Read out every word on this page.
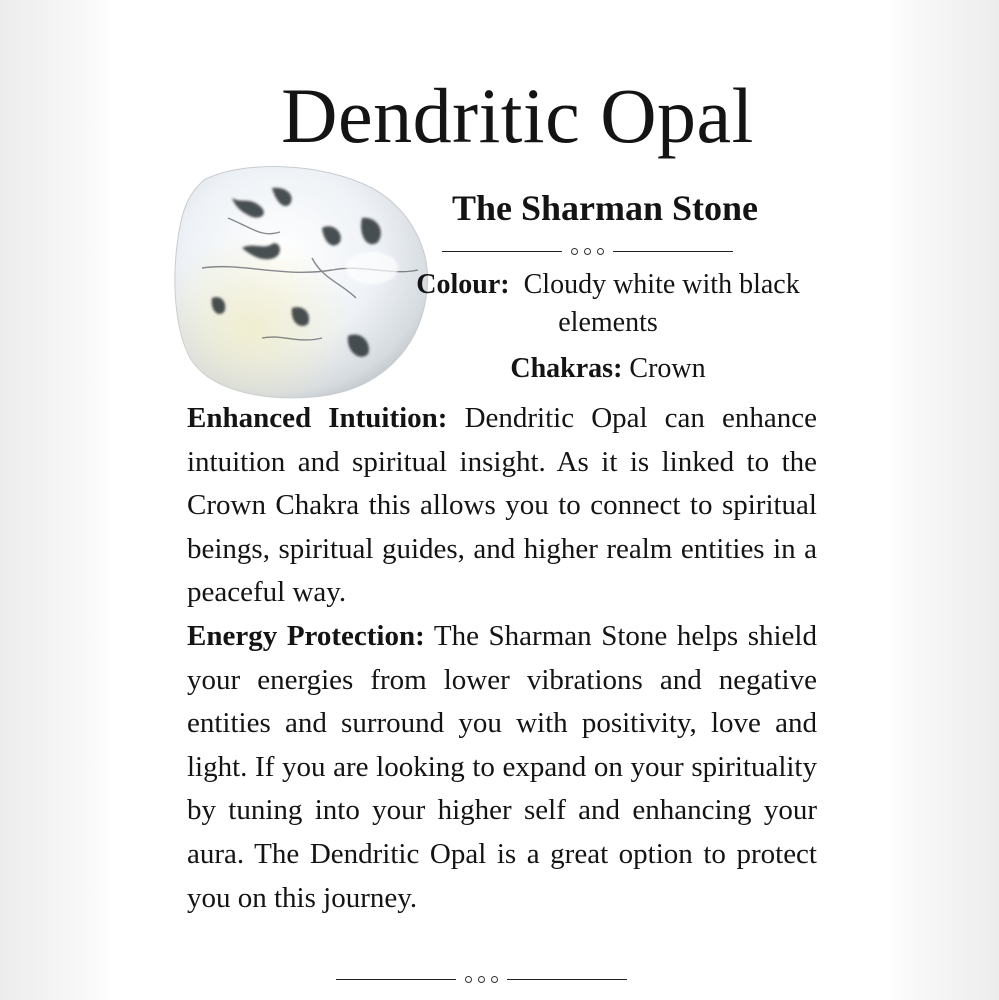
Dendritic Opal
The Sharman Stone

Colour: Cloudy white with black elements

Chakras: Crown

Enhanced Intuition: Dendritic Opal can enhance intuition and spiritual insight. As it is linked to the Crown Chakra this allows you to connect to spiritual beings, spiritual guides, and higher realm entities in a peaceful way.

Energy Protection: The Sharman Stone helps shield your energies from lower vibrations and negative entities and surround you with positivity, love and light. If you are looking to expand on your spirituality by tuning into your higher self and enhancing your aura. The Dendritic Opal is a great option to protect you on this journey.
